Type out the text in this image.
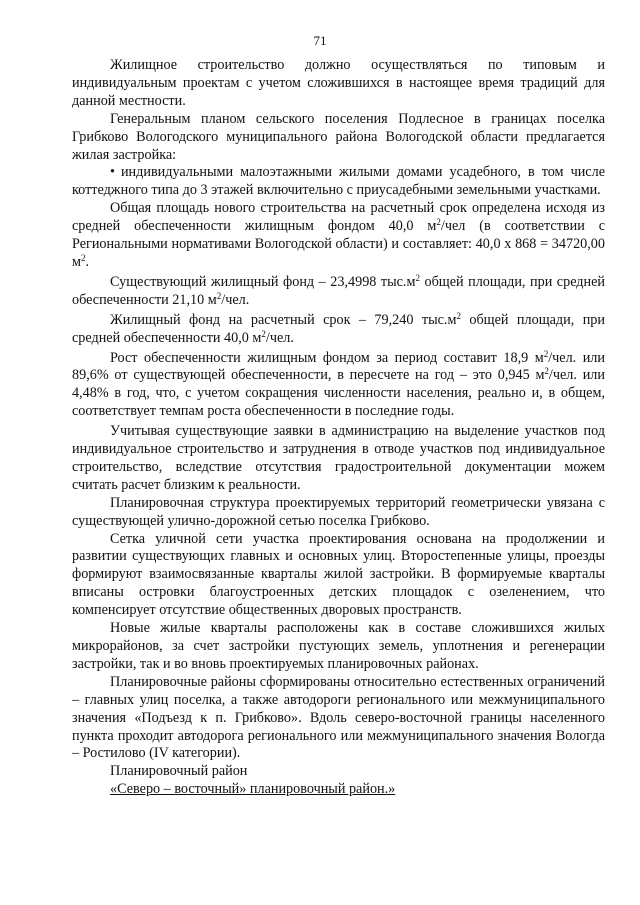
71

Жилищное строительство должно осуществляться по типовым и индивидуальным проектам с учетом сложившихся в настоящее время традиций для данной местности.

Генеральным планом сельского поселения Подлесное в границах поселка Грибково Вологодского муниципального района Вологодской области предлагается жилая застройка:

• индивидуальными малоэтажными жилыми домами усадебного, в том числе коттеджного типа до 3 этажей включительно с приусадебными земельными участками.

Общая площадь нового строительства на расчетный срок определена исходя из средней обеспеченности жилищным фондом 40,0 $м^2$/чел (в соответствии с Региональными нормативами Вологодской области) и составляет: 40,0 х 868 = 34720,00 $м^2$.

Существующий жилищный фонд – 23,4998 $тыс.м^2$ общей площади, при средней обеспеченности 21,10 $м^2$/чел.

Жилищный фонд на расчетный срок – 79,240 $тыс.м^2$ общей площади, при средней обеспеченности 40,0 $м^2$/чел.

Рост обеспеченности жилищным фондом за период составит 18,9 $м^2$/чел. или 89,6% от существующей обеспеченности, в пересчете на год – это 0,945 $м^2$/чел. или 4,48% в год, что, с учетом сокращения численности населения, реально и, в общем, соответствует темпам роста обеспеченности в последние годы.

Учитывая существующие заявки в администрацию на выделение участков под индивидуальное строительство и затруднения в отводе участков под индивидуальное строительство, вследствие отсутствия градостроительной документации можем считать расчет близким к реальности.

Планировочная структура проектируемых территорий геометрически увязана с существующей улично-дорожной сетью поселка Грибково.

Сетка уличной сети участка проектирования основана на продолжении и развитии существующих главных и основных улиц. Второстепенные улицы, проезды формируют взаимосвязанные кварталы жилой застройки. В формируемые кварталы вписаны островки благоустроенных детских площадок с озеленением, что компенсирует отсутствие общественных дворовых пространств.

Новые жилые кварталы расположены как в составе сложившихся жилых микрорайонов, за счет застройки пустующих земель, уплотнения и регенерации застройки, так и во вновь проектируемых планировочных районах.

Планировочные районы сформированы относительно естественных ограничений – главных улиц поселка, а также автодороги регионального или межмуниципального значения «Подъезд к п. Грибково». Вдоль северо-восточной границы населенного пункта проходит автодорога регионального или межмуниципального значения Вологда – Ростилово (IV категории).

Планировочный район

«Северо – восточный» планировочный район.»
